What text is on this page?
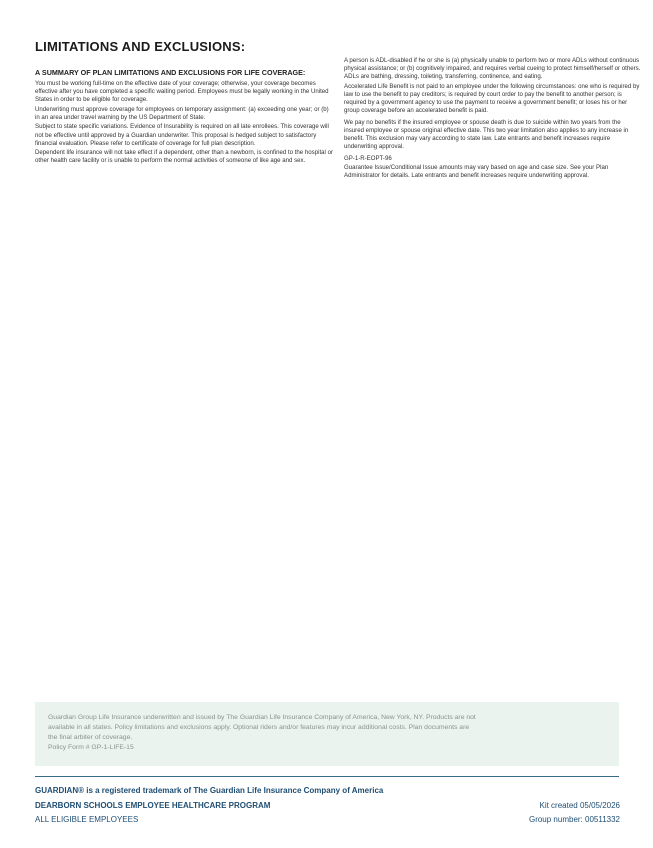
LIMITATIONS AND EXCLUSIONS:
A SUMMARY OF PLAN LIMITATIONS AND EXCLUSIONS FOR LIFE COVERAGE:

You must be working full-time on the effective date of your coverage; otherwise, your coverage becomes effective after you have completed a specific waiting period. Employees must be legally working in the United States in order to be eligible for coverage.

Underwriting must approve coverage for employees on temporary assignment: (a) exceeding one year; or (b) in an area under travel warning by the US Department of State.

Subject to state specific variations. Evidence of Insurability is required on all late enrollees. This coverage will not be effective until approved by a Guardian underwriter. This proposal is hedged subject to satisfactory financial evaluation. Please refer to certificate of coverage for full plan description.

Dependent life insurance will not take effect if a dependent, other than a newborn, is confined to the hospital or other health care facility or is unable to perform the normal activities of someone of like age and sex.

A person is ADL-disabled if he or she is (a) physically unable to perform two or more ADLs without continuous physical assistance; or (b) cognitively impaired, and requires verbal cueing to protect himself/herself or others. ADLs are bathing, dressing, toileting, transferring, continence, and eating.

Accelerated Life Benefit is not paid to an employee under the following circumstances: one who is required by law to use the benefit to pay creditors; is required by court order to pay the benefit to another person; is required by a government agency to use the payment to receive a government benefit; or loses his or her group coverage before an accelerated benefit is paid.

We pay no benefits if the insured employee or spouse death is due to suicide within two years from the insured employee or spouse original effective date. This two year limitation also applies to any increase in benefit. This exclusion may vary according to state law. Late entrants and benefit increases require underwriting approval.

GP-1-R-EOPT-96

Guarantee Issue/Conditional Issue amounts may vary based on age and case size. See your Plan Administrator for details. Late entrants and benefit increases require underwriting approval.

Guardian Group Life Insurance underwritten and issued by The Guardian Life Insurance Company of America, New York, NY. Products are not
available in all states. Policy limitations and exclusions apply. Optional riders and/or features may incur additional costs. Plan documents are
the final arbiter of coverage.
Policy Form # GP-1-LIFE-15
GUARDIAN® is a registered trademark of The Guardian Life Insurance Company of America
DEARBORN SCHOOLS EMPLOYEE HEALTHCARE PROGRAM
ALL ELIGIBLE EMPLOYEES
Kit created 05/05/2026
Group number: 00511332
